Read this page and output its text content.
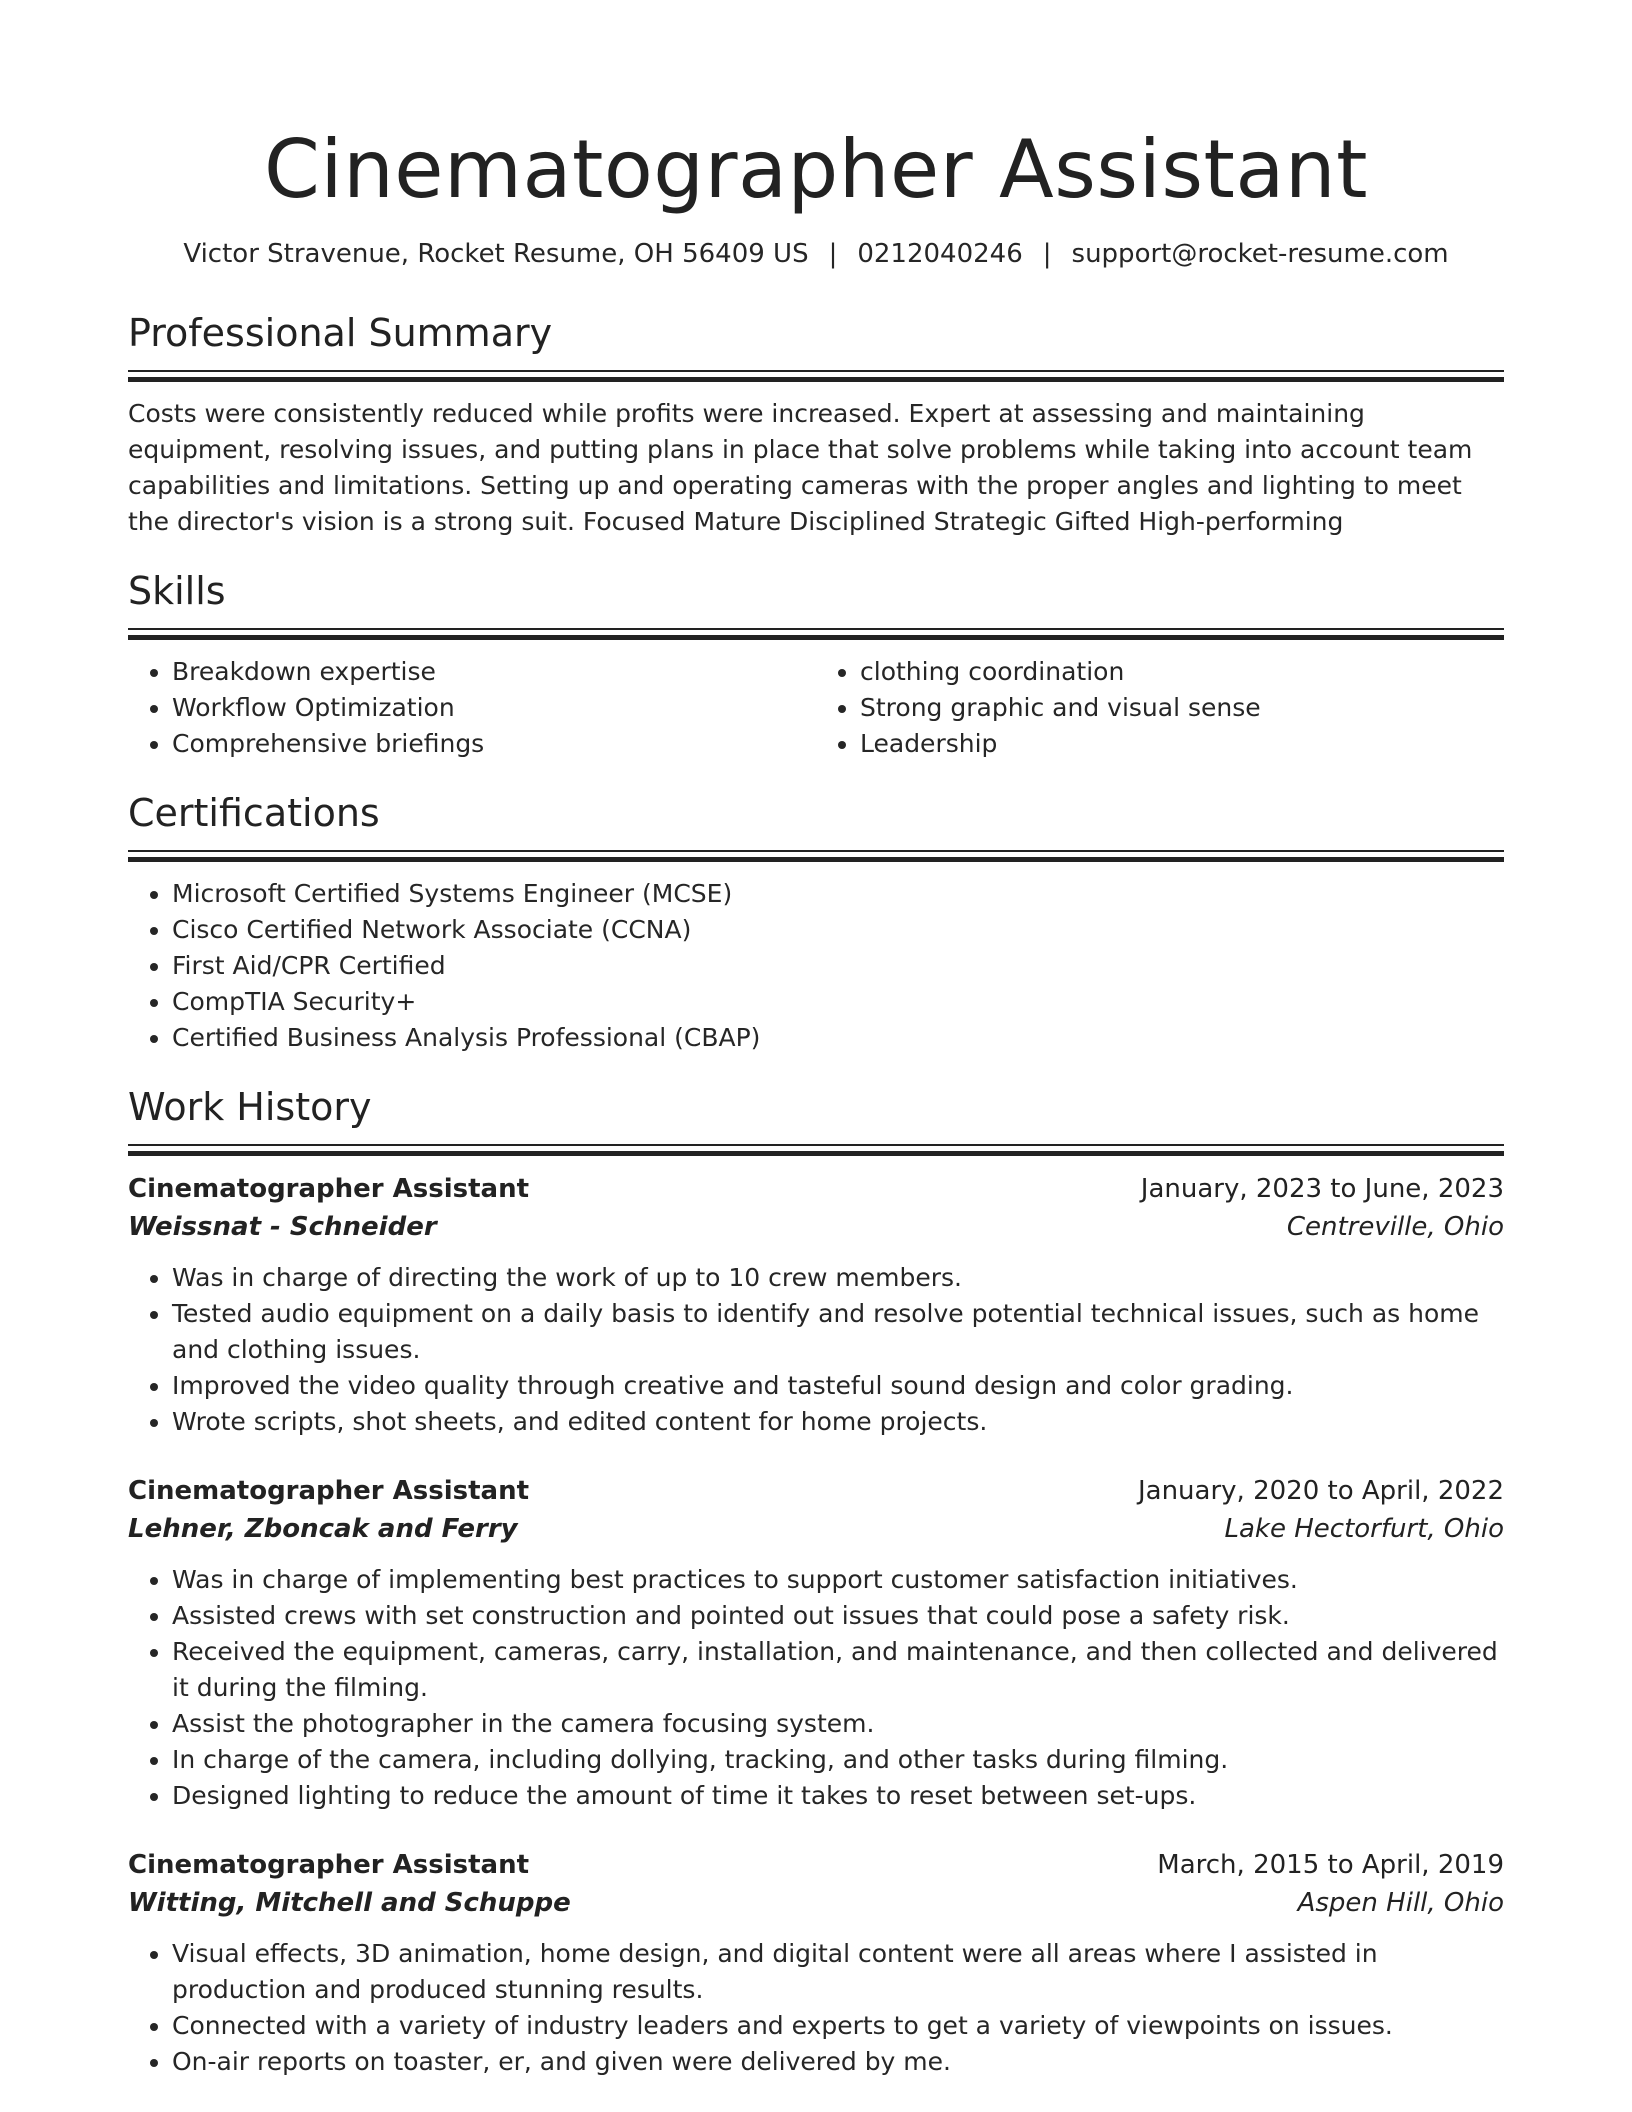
Cinematographer Assistant
Victor Stravenue, Rocket Resume, OH 56409 US | 0212040246 | support@rocket-resume.com
Professional Summary

Costs were consistently reduced while profits were increased. Expert at assessing and maintaining equipment, resolving issues, and putting plans in place that solve problems while taking into account team capabilities and limitations. Setting up and operating cameras with the proper angles and lighting to meet the director's vision is a strong suit. Focused Mature Disciplined Strategic Gifted High-performing

Skills
• Breakdown expertise
• Workflow Optimization
• Comprehensive briefings
• clothing coordination
• Strong graphic and visual sense
• Leadership
Certifications
• Microsoft Certified Systems Engineer (MCSE)
• Cisco Certified Network Associate (CCNA)
• First Aid/CPR Certified
• CompTIA Security+
• Certified Business Analysis Professional (CBAP)
Work History
Cinematographer Assistant	January, 2023 to June, 2023
Weissnat - Schneider	Centreville, Ohio
• Was in charge of directing the work of up to 10 crew members.
• Tested audio equipment on a daily basis to identify and resolve potential technical issues, such as home and clothing issues.
• Improved the video quality through creative and tasteful sound design and color grading.
• Wrote scripts, shot sheets, and edited content for home projects.
Cinematographer Assistant	January, 2020 to April, 2022
Lehner, Zboncak and Ferry	Lake Hectorfurt, Ohio
• Was in charge of implementing best practices to support customer satisfaction initiatives.
• Assisted crews with set construction and pointed out issues that could pose a safety risk.
• Received the equipment, cameras, carry, installation, and maintenance, and then collected and delivered it during the filming.
• Assist the photographer in the camera focusing system.
• In charge of the camera, including dollying, tracking, and other tasks during filming.
• Designed lighting to reduce the amount of time it takes to reset between set-ups.
Cinematographer Assistant	March, 2015 to April, 2019
Witting, Mitchell and Schuppe	Aspen Hill, Ohio
• Visual effects, 3D animation, home design, and digital content were all areas where I assisted in production and produced stunning results.
• Connected with a variety of industry leaders and experts to get a variety of viewpoints on issues.
• On-air reports on toaster, er, and given were delivered by me.
